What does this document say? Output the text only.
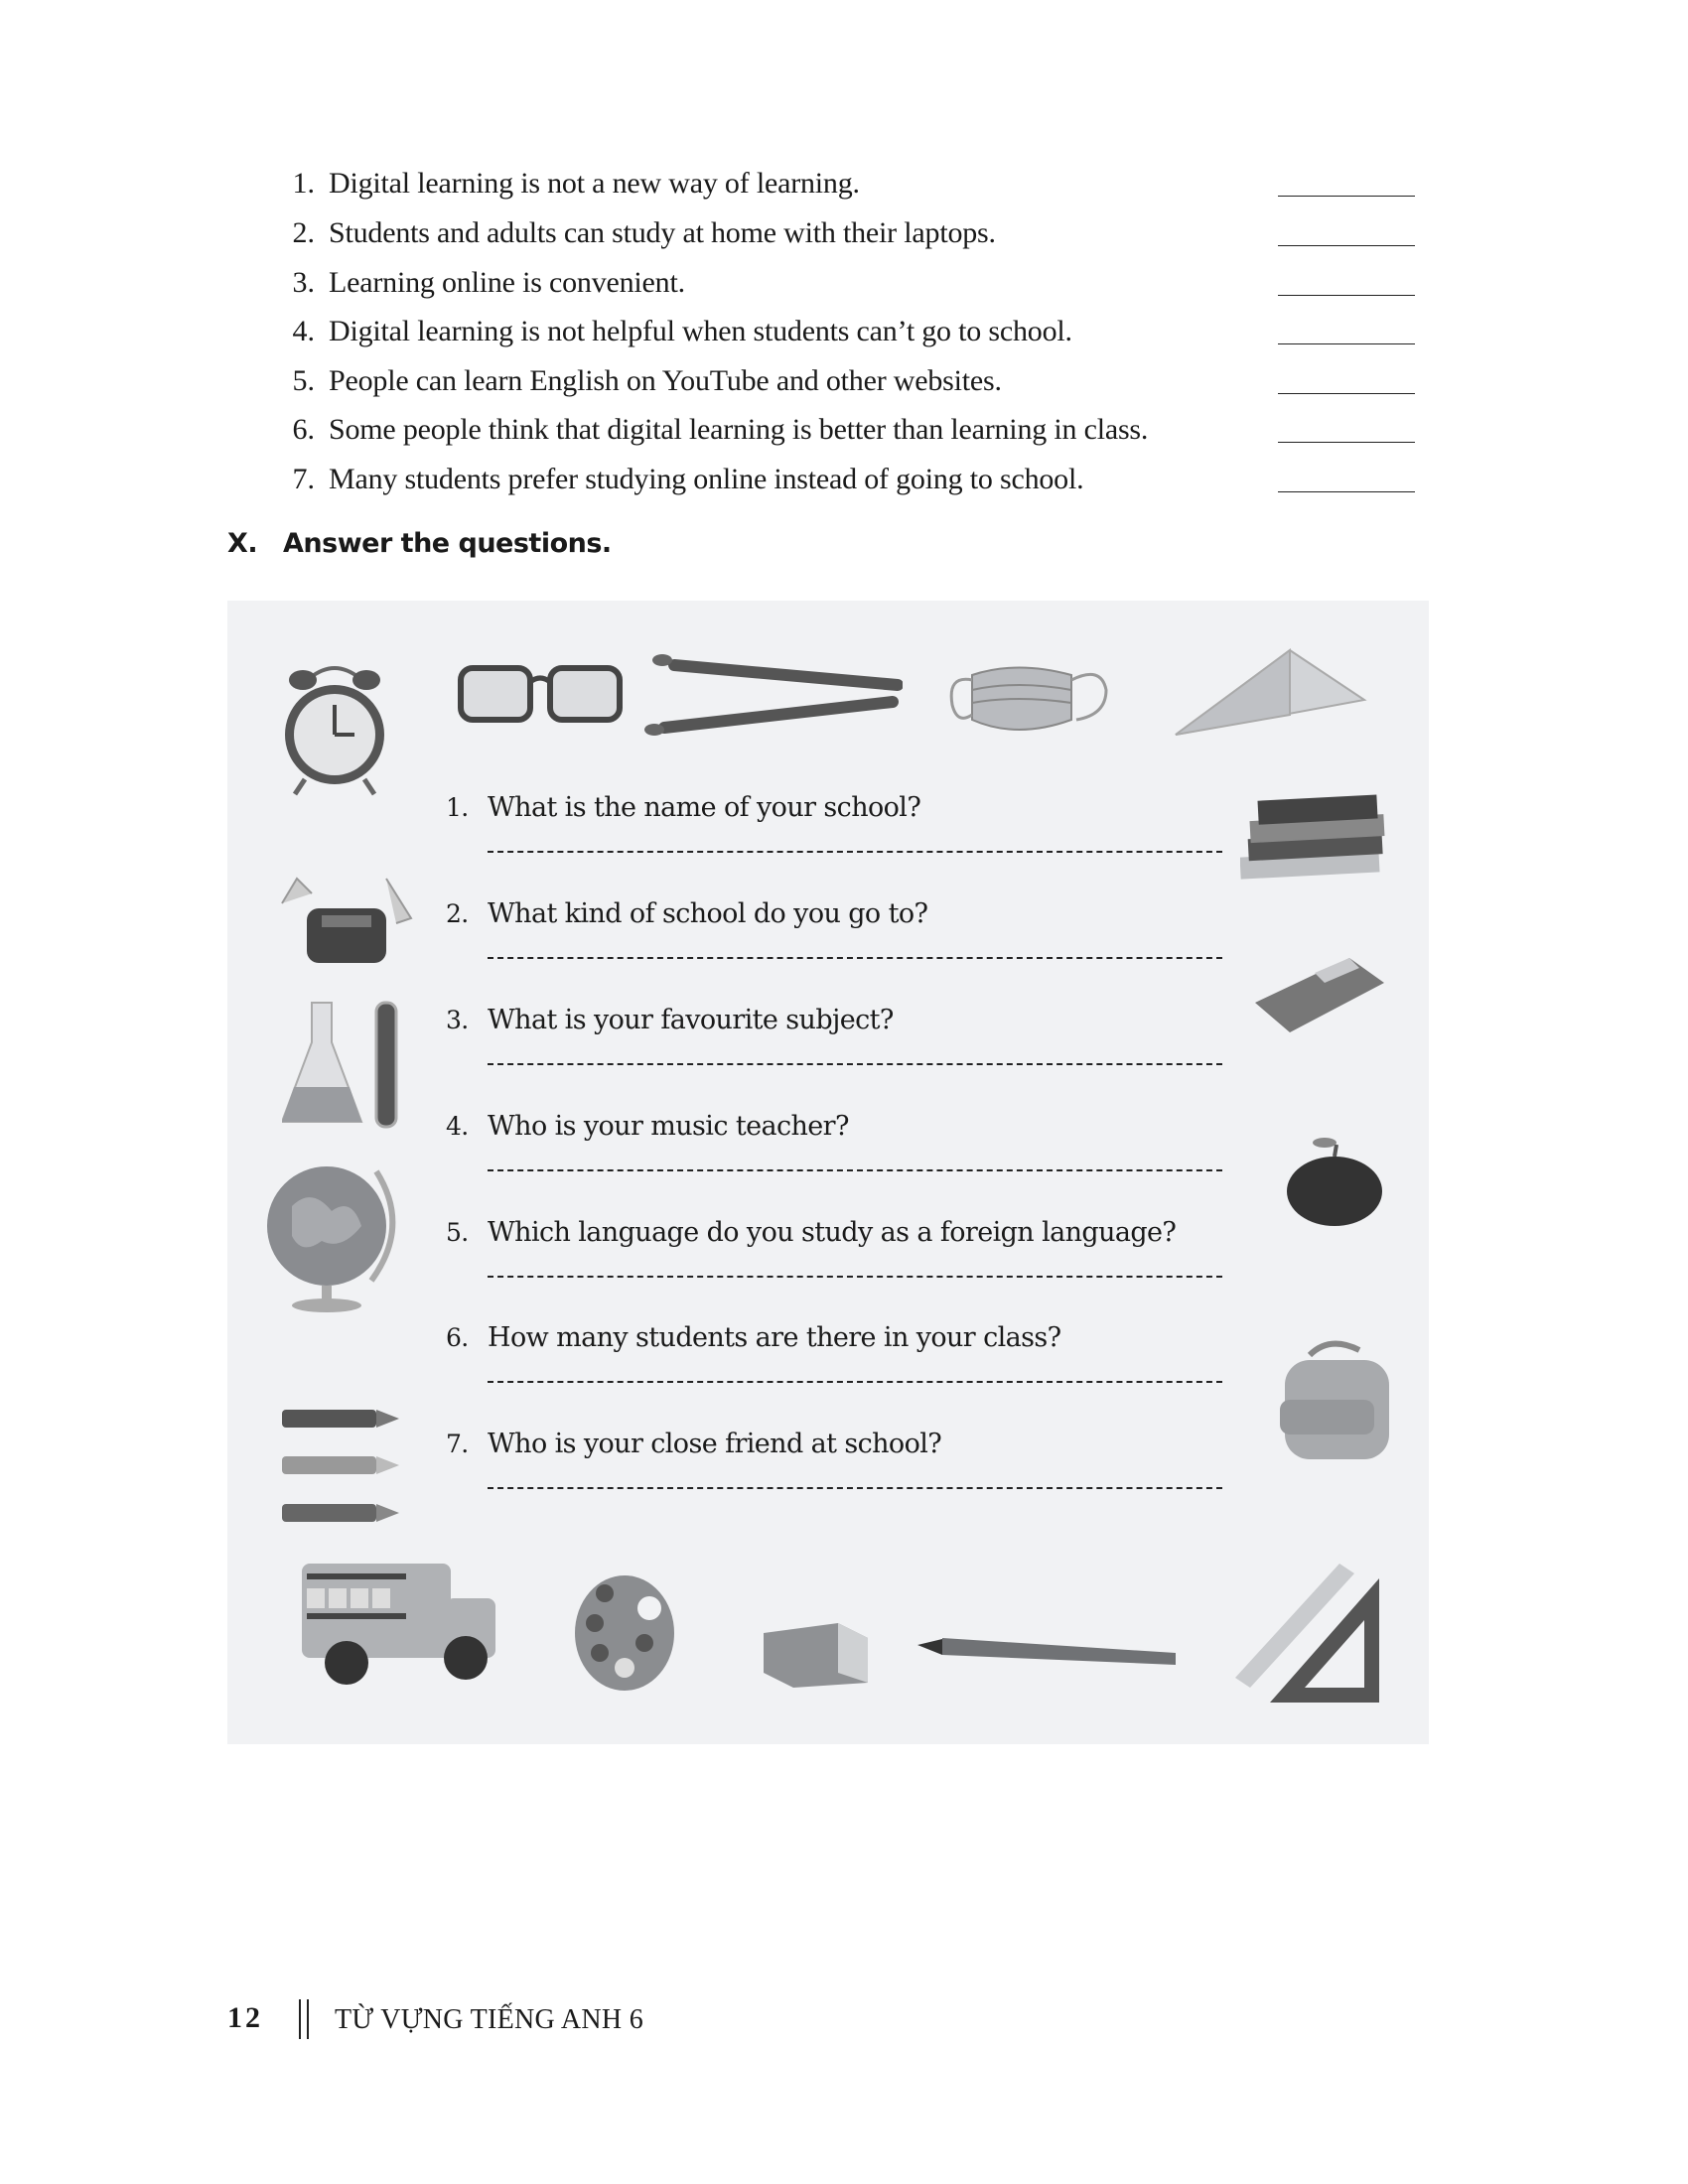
1. Digital learning is not a new way of learning.
2. Students and adults can study at home with their laptops.
3. Learning online is convenient.
4. Digital learning is not helpful when students can’t go to school.
5. People can learn English on YouTube and other websites.
6. Some people think that digital learning is better than learning in class.
7. Many students prefer studying online instead of going to school.
X. Answer the questions.
1. What is the name of your school?
2. What kind of school do you go to?
3. What is your favourite subject?
4. Who is your music teacher?
5. Which language do you study as a foreign language?
6. How many students are there in your class?
7. Who is your close friend at school?
12	TỪ VỰNG TIẾNG ANH 6
